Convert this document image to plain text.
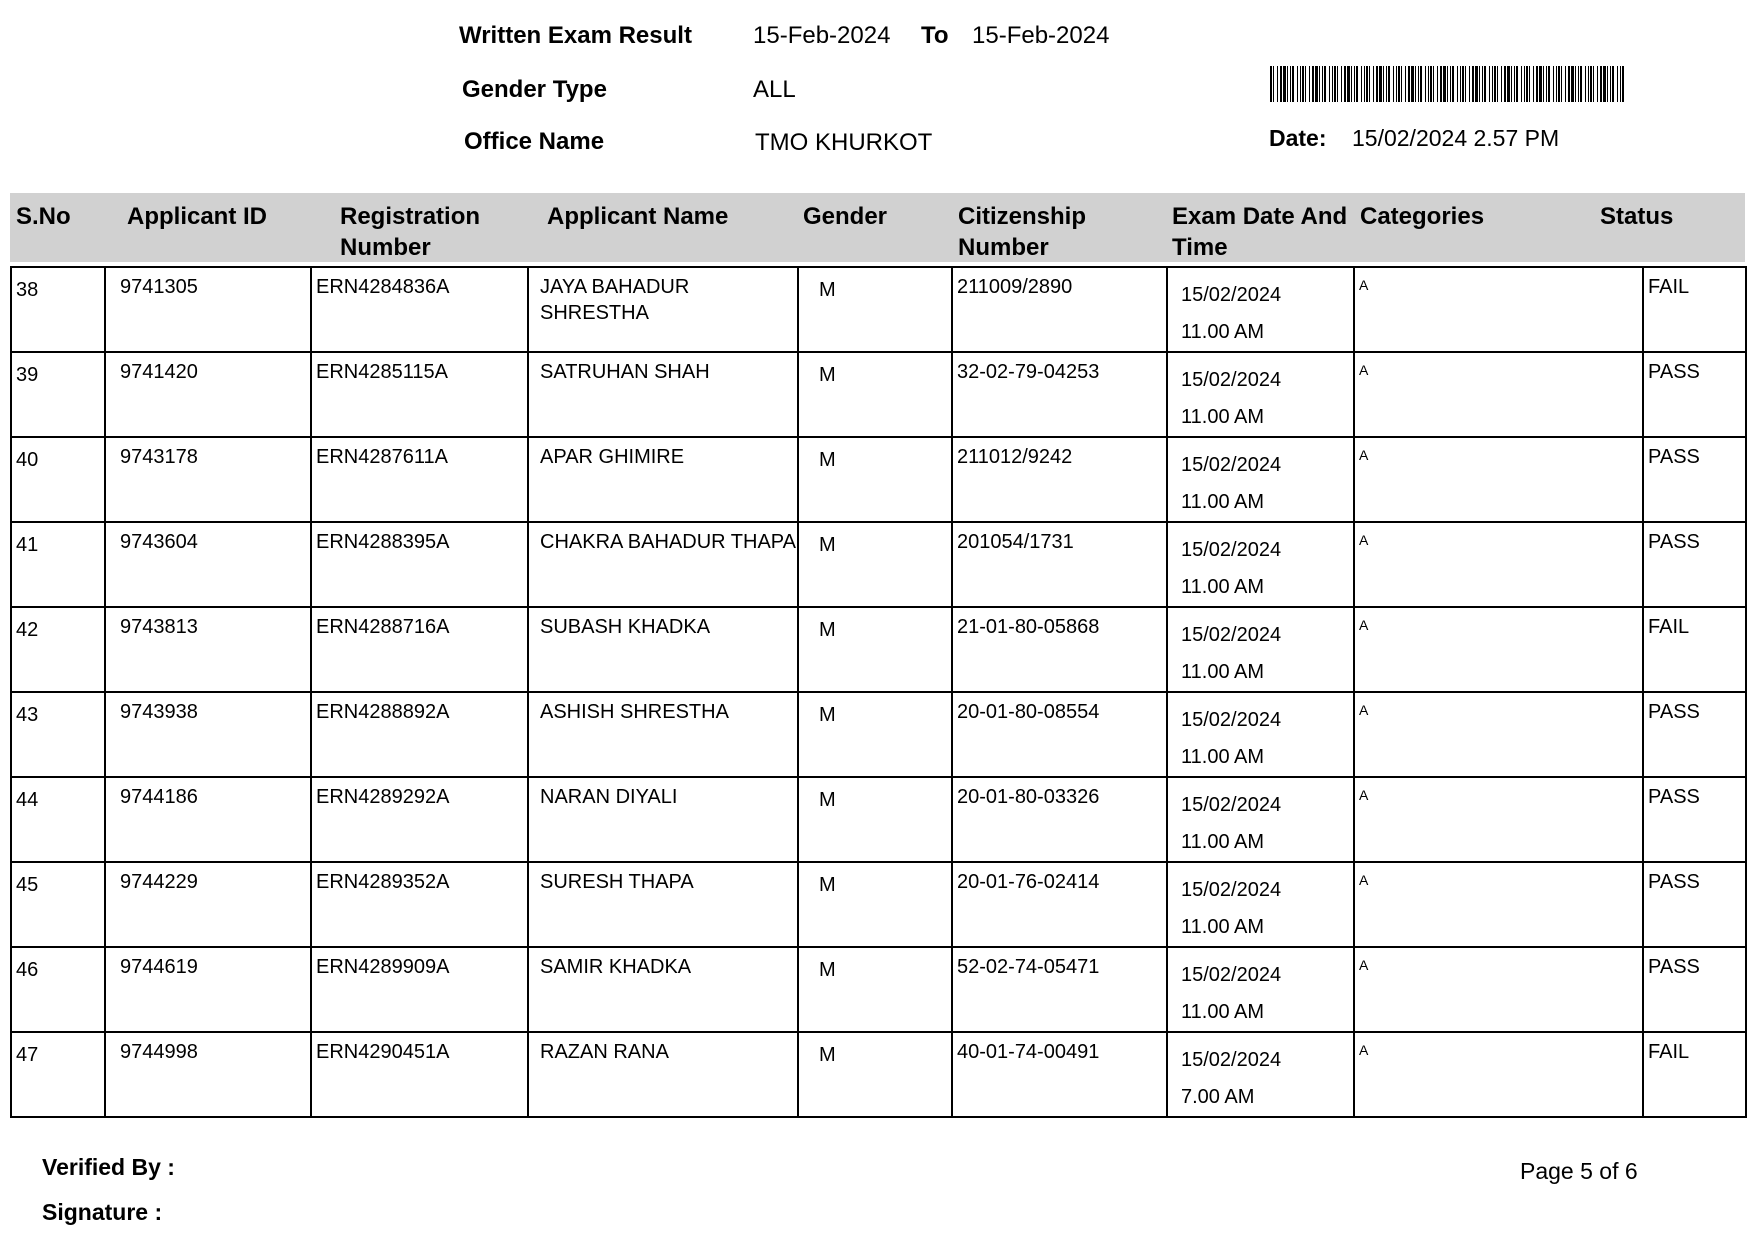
Written Exam Result	15-Feb-2024 To 15-Feb-2024
Gender Type	ALL
Office Name	TMO KHURKOT	Date: 15/02/2024 2.57 PM
S.No Applicant ID	Registration
Number
Applicant Name	Gender	Citizenship
Number
Exam Date And
Time
Categories	Status
38	9741305	ERN4284836A	JAYA BAHADUR SHRESTHA	M	211009/2890	15/02/2024
11.00 AM	A	FAIL
39	9741420	ERN4285115A	SATRUHAN SHAH	M	32-02-79-04253	15/02/2024
11.00 AM	A	PASS
40	9743178	ERN4287611A	APAR GHIMIRE	M	211012/9242	15/02/2024
11.00 AM	A	PASS
41	9743604	ERN4288395A	CHAKRA BAHADUR THAPA	M	201054/1731	15/02/2024
11.00 AM	A	PASS
42	9743813	ERN4288716A	SUBASH KHADKA	M	21-01-80-05868	15/02/2024
11.00 AM	A	FAIL
43	9743938	ERN4288892A	ASHISH SHRESTHA	M	20-01-80-08554	15/02/2024
11.00 AM	A	PASS
44	9744186	ERN4289292A	NARAN DIYALI	M	20-01-80-03326	15/02/2024
11.00 AM	A	PASS
45	9744229	ERN4289352A	SURESH THAPA	M	20-01-76-02414	15/02/2024
11.00 AM	A	PASS
46	9744619	ERN4289909A	SAMIR KHADKA	M	52-02-74-05471	15/02/2024
11.00 AM	A	PASS
47	9744998	ERN4290451A	RAZAN RANA	M	40-01-74-00491	15/02/2024
7.00 AM	A	FAIL
Verified By :
Signature :
Page 5 of 6
